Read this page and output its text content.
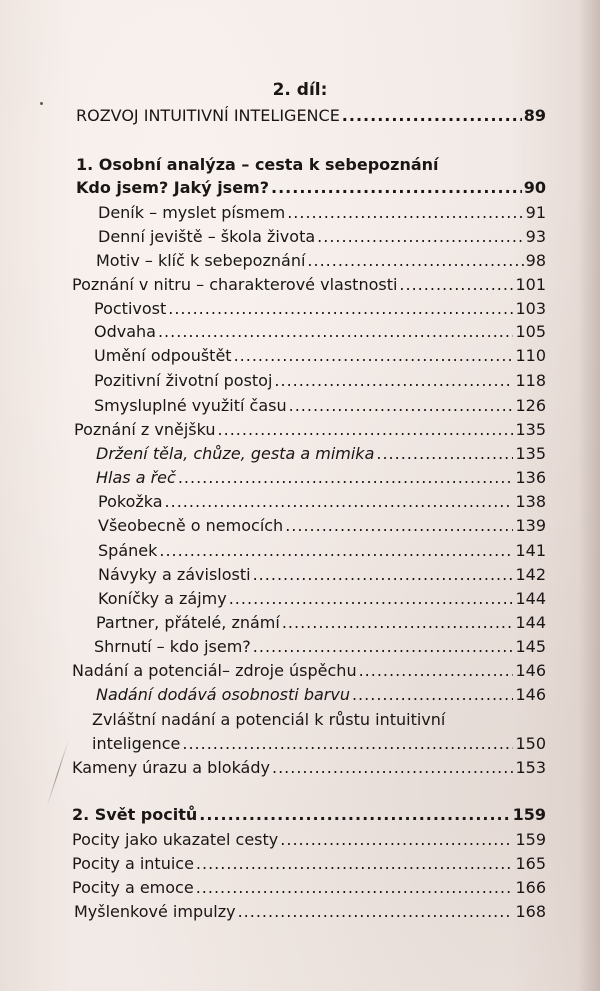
2. díl:
ROZVOJ INTUITIVNÍ INTELIGENCE .....	89
1. Osobní analýza – cesta k sebepoznání
Kdo jsem? Jaký jsem? .....	90
Deník – myslet písmem .....	91
Denní jeviště – škola života .....	93
Motiv – klíč k sebepoznání .....	98
Poznání v nitru – charakterové vlastnosti .....	101
Poctivost .....	103
Odvaha .....	105
Umění odpouštět .....	110
Pozitivní životní postoj .....	118
Smysluplné využití času .....	126
Poznání z vnějšku .....	135
Držení těla, chůze, gesta a mimika .....	135
Hlas a řeč .....	136
Pokožka .....	138
Všeobecně o nemocích .....	139
Spánek .....	141
Návyky a závislosti .....	142
Koníčky a zájmy .....	144
Partner, přátelé, známí .....	144
Shrnutí – kdo jsem? .....	145
Nadání a potenciál– zdroje úspěchu .....	146
Nadání dodává osobnosti barvu .....	146
Zvláštní nadání a potenciál k růstu intuitivní
inteligence .....	150
Kameny úrazu a blokády .....	153
2. Svět pocitů .....	159
Pocity jako ukazatel cesty .....	159
Pocity a intuice .....	165
Pocity a emoce .....	166
Myšlenkové impulzy .....	168
